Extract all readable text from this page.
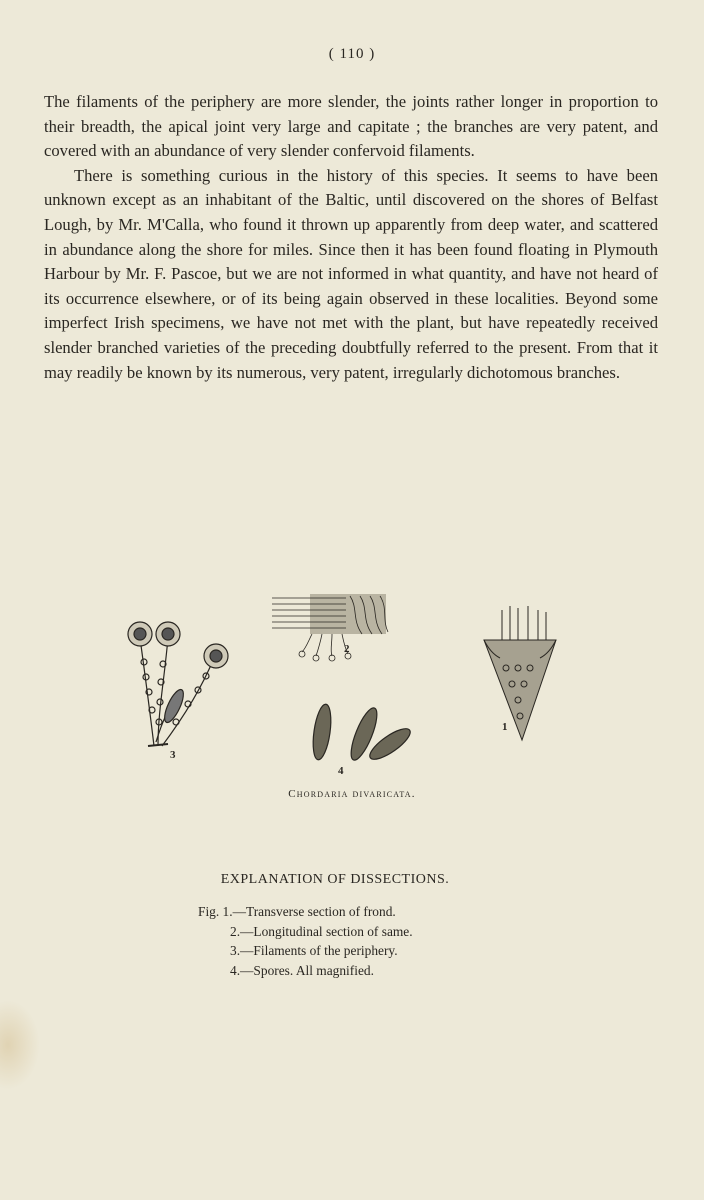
( 110 )

The filaments of the periphery are more slender, the joints rather longer in proportion to their breadth, the apical joint very large and capitate ; the branches are very patent, and covered with an abundance of very slender confervoid filaments.

There is something curious in the history of this species. It seems to have been unknown except as an inhabitant of the Baltic, until discovered on the shores of Belfast Lough, by Mr. M'Calla, who found it thrown up apparently from deep water, and scattered in abundance along the shore for miles. Since then it has been found floating in Plymouth Harbour by Mr. F. Pascoe, but we are not informed in what quantity, and have not heard of its occurrence elsewhere, or of its being again observed in these localities. Beyond some imperfect Irish specimens, we have not met with the plant, but have repeatedly received slender branched varieties of the preceding doubtfully referred to the present. From that it may readily be known by its numerous, very patent, irregularly dichotomous branches.

3
2
4
1
Chordaria divaricata.
EXPLANATION OF DISSECTIONS.
Fig. 1.—Transverse section of frond.
2.—Longitudinal section of same.
3.—Filaments of the periphery.
4.—Spores. All magnified.
